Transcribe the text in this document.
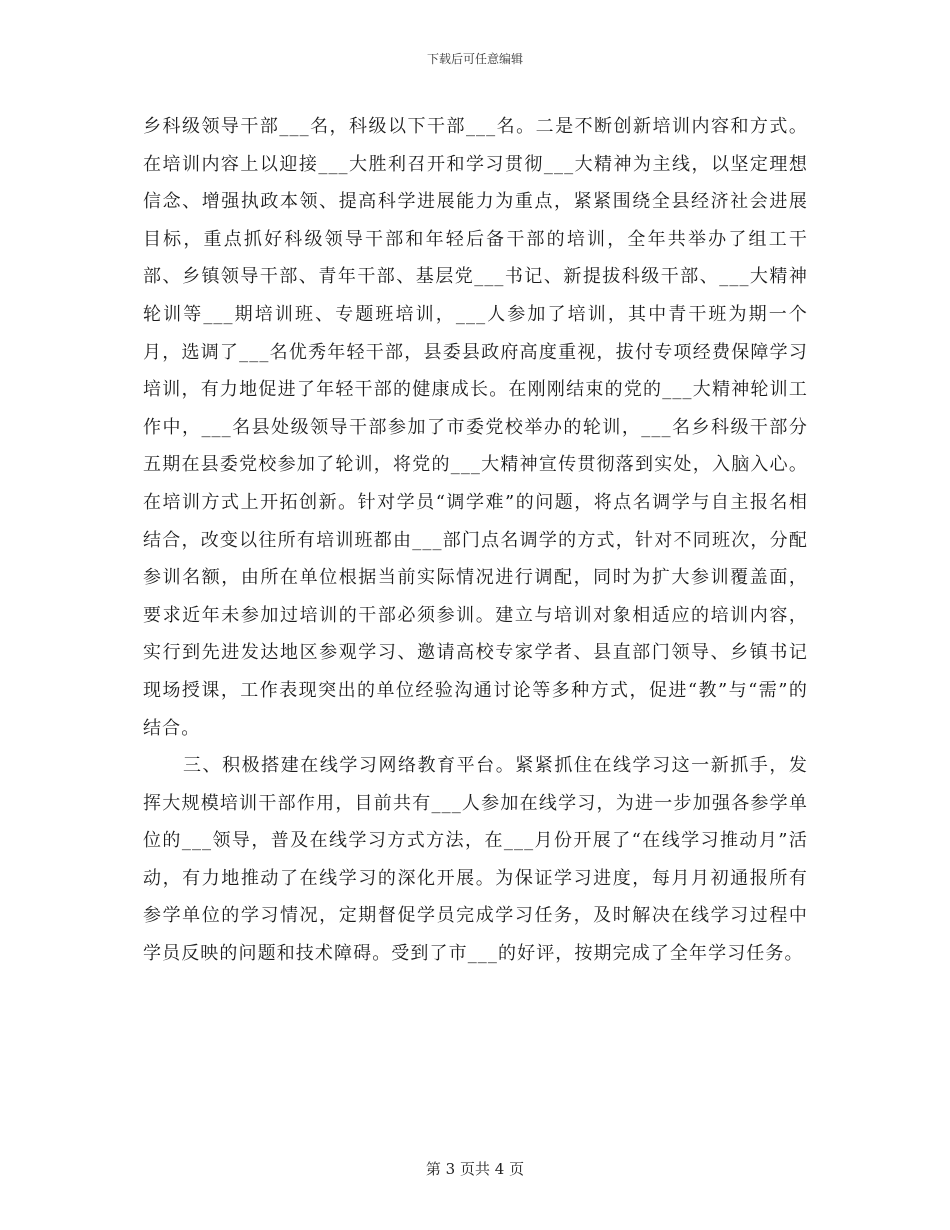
下载后可任意编辑

乡科级领导干部___名，科级以下干部___名。二是不断创新培训内容和方式。在培训内容上以迎接___大胜利召开和学习贯彻___大精神为主线，以坚定理想信念、增强执政本领、提高科学进展能力为重点，紧紧围绕全县经济社会进展目标，重点抓好科级领导干部和年轻后备干部的培训，全年共举办了组工干部、乡镇领导干部、青年干部、基层党___书记、新提拔科级干部、___大精神轮训等___期培训班、专题班培训，___人参加了培训，其中青干班为期一个月，选调了___名优秀年轻干部，县委县政府高度重视，拔付专项经费保障学习培训，有力地促进了年轻干部的健康成长。在刚刚结束的党的___大精神轮训工作中，___名县处级领导干部参加了市委党校举办的轮训，___名乡科级干部分五期在县委党校参加了轮训，将党的___大精神宣传贯彻落到实处，入脑入心。在培训方式上开拓创新。针对学员“调学难”的问题，将点名调学与自主报名相结合，改变以往所有培训班都由___部门点名调学的方式，针对不同班次，分配参训名额，由所在单位根据当前实际情况进行调配，同时为扩大参训覆盖面，要求近年未参加过培训的干部必须参训。建立与培训对象相适应的培训内容，实行到先进发达地区参观学习、邀请高校专家学者、县直部门领导、乡镇书记现场授课，工作表现突出的单位经验沟通讨论等多种方式，促进“教”与“需”的结合。

三、积极搭建在线学习网络教育平台。紧紧抓住在线学习这一新抓手，发挥大规模培训干部作用，目前共有___人参加在线学习，为进一步加强各参学单位的___领导，普及在线学习方式方法，在___月份开展了“在线学习推动月”活动，有力地推动了在线学习的深化开展。为保证学习进度，每月月初通报所有参学单位的学习情况，定期督促学员完成学习任务，及时解决在线学习过程中学员反映的问题和技术障碍。受到了市___的好评，按期完成了全年学习任务。

第 3 页共 4 页
